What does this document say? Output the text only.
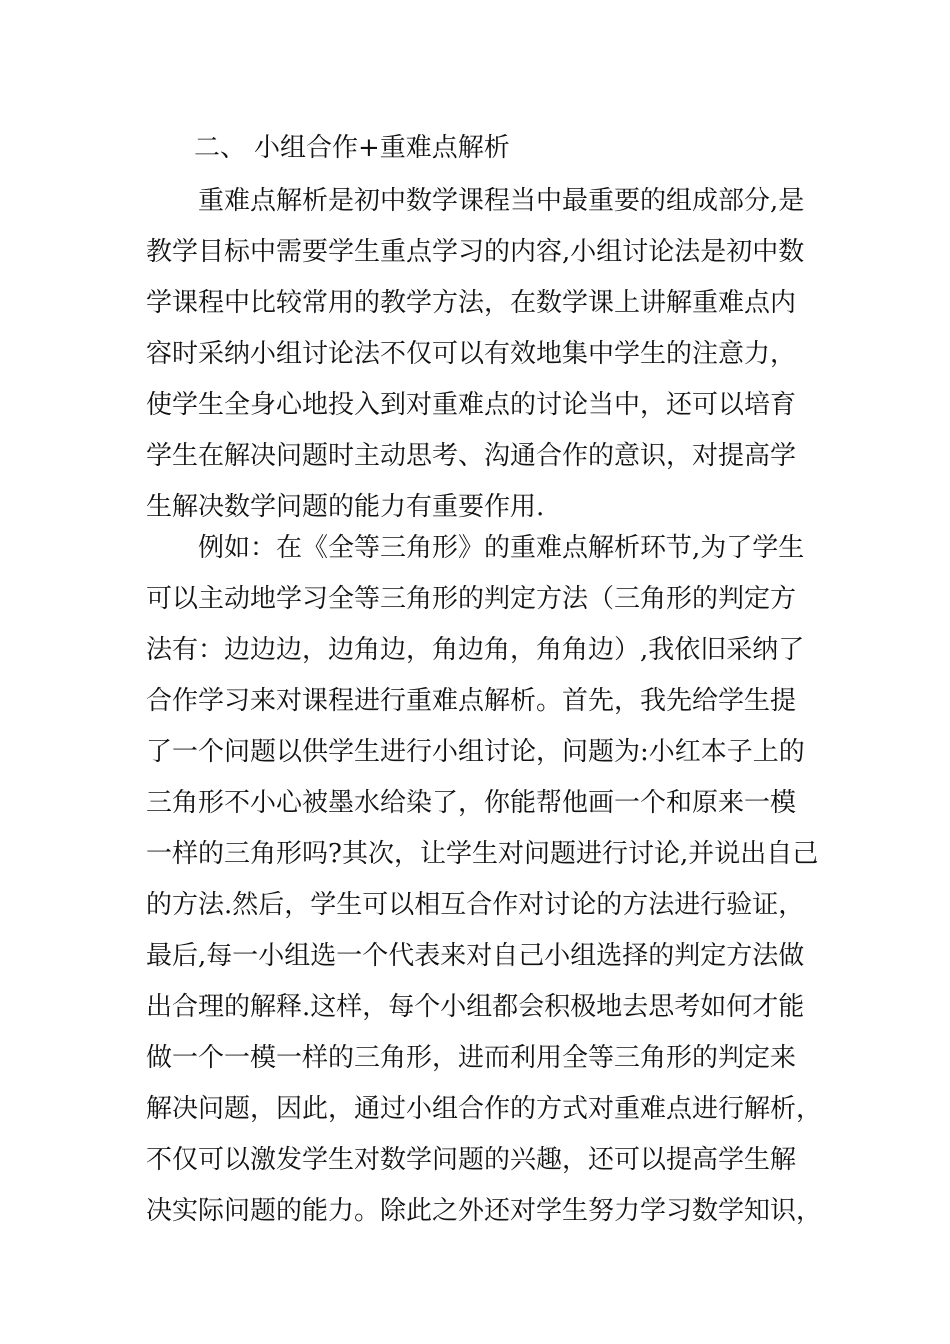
二、 小组合作+重难点解析
重难点解析是初中数学课程当中最重要的组成部分,是
教学目标中需要学生重点学习的内容,小组讨论法是初中数
学课程中比较常用的教学方法，在数学课上讲解重难点内
容时采纳小组讨论法不仅可以有效地集中学生的注意力，
使学生全身心地投入到对重难点的讨论当中，还可以培育
学生在解决问题时主动思考、沟通合作的意识，对提高学
生解决数学问题的能力有重要作用.
例如：在《全等三角形》的重难点解析环节,为了学生
可以主动地学习全等三角形的判定方法（三角形的判定方
法有：边边边，边角边，角边角，角角边）,我依旧采纳了
合作学习来对课程进行重难点解析。首先，我先给学生提
了一个问题以供学生进行小组讨论，问题为:小红本子上的
三角形不小心被墨水给染了，你能帮他画一个和原来一模
一样的三角形吗?其次，让学生对问题进行讨论,并说出自己
的方法.然后，学生可以相互合作对讨论的方法进行验证，
最后,每一小组选一个代表来对自己小组选择的判定方法做
出合理的解释.这样，每个小组都会积极地去思考如何才能
做一个一模一样的三角形，进而利用全等三角形的判定来
解决问题，因此，通过小组合作的方式对重难点进行解析，
不仅可以激发学生对数学问题的兴趣，还可以提高学生解
决实际问题的能力。除此之外还对学生努力学习数学知识，
